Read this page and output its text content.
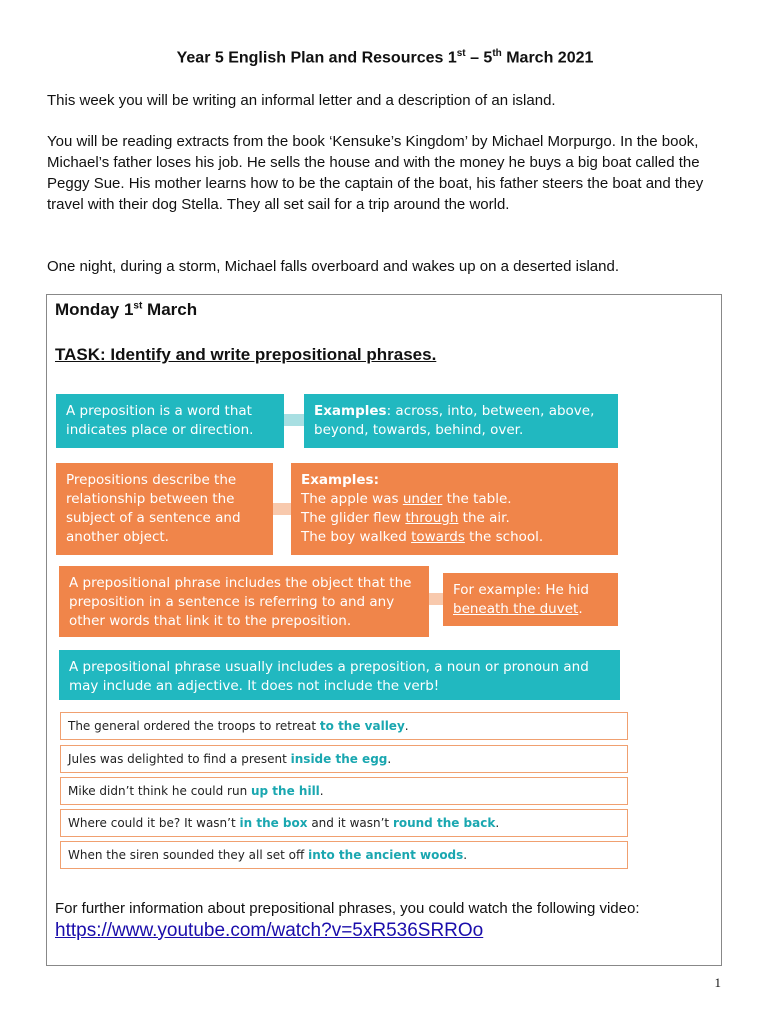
Year 5 English Plan and Resources 1st – 5th March 2021

This week you will be writing an informal letter and a description of an island.

You will be reading extracts from the book ‘Kensuke’s Kingdom’ by Michael Morpurgo. In the book, Michael’s father loses his job. He sells the house and with the money he buys a big boat called the Peggy Sue. His mother learns how to be the captain of the boat, his father steers the boat and they travel with their dog Stella. They all set sail for a trip around the world.

One night, during a storm, Michael falls overboard and wakes up on a deserted island.

Monday 1st March
TASK: Identify and write prepositional phrases.
A preposition is a word that indicates place or direction.
Examples: across, into, between, above, beyond, towards, behind, over.
Prepositions describe the relationship between the subject of a sentence and another object.
Examples:
The apple was under the table.
The glider flew through the air.
The boy walked towards the school.
A prepositional phrase includes the object that the preposition in a sentence is referring to and any other words that link it to the preposition.
For example: He hid beneath the duvet.
A prepositional phrase usually includes a preposition, a noun or pronoun and may include an adjective. It does not include the verb!
The general ordered the troops to retreat to the valley.
Jules was delighted to find a present inside the egg.
Mike didn’t think he could run up the hill.
Where could it be? It wasn’t in the box and it wasn’t round the back.
When the siren sounded they all set off into the ancient woods.
For further information about prepositional phrases, you could watch the following video:
https://www.youtube.com/watch?v=5xR536SRROo
1
